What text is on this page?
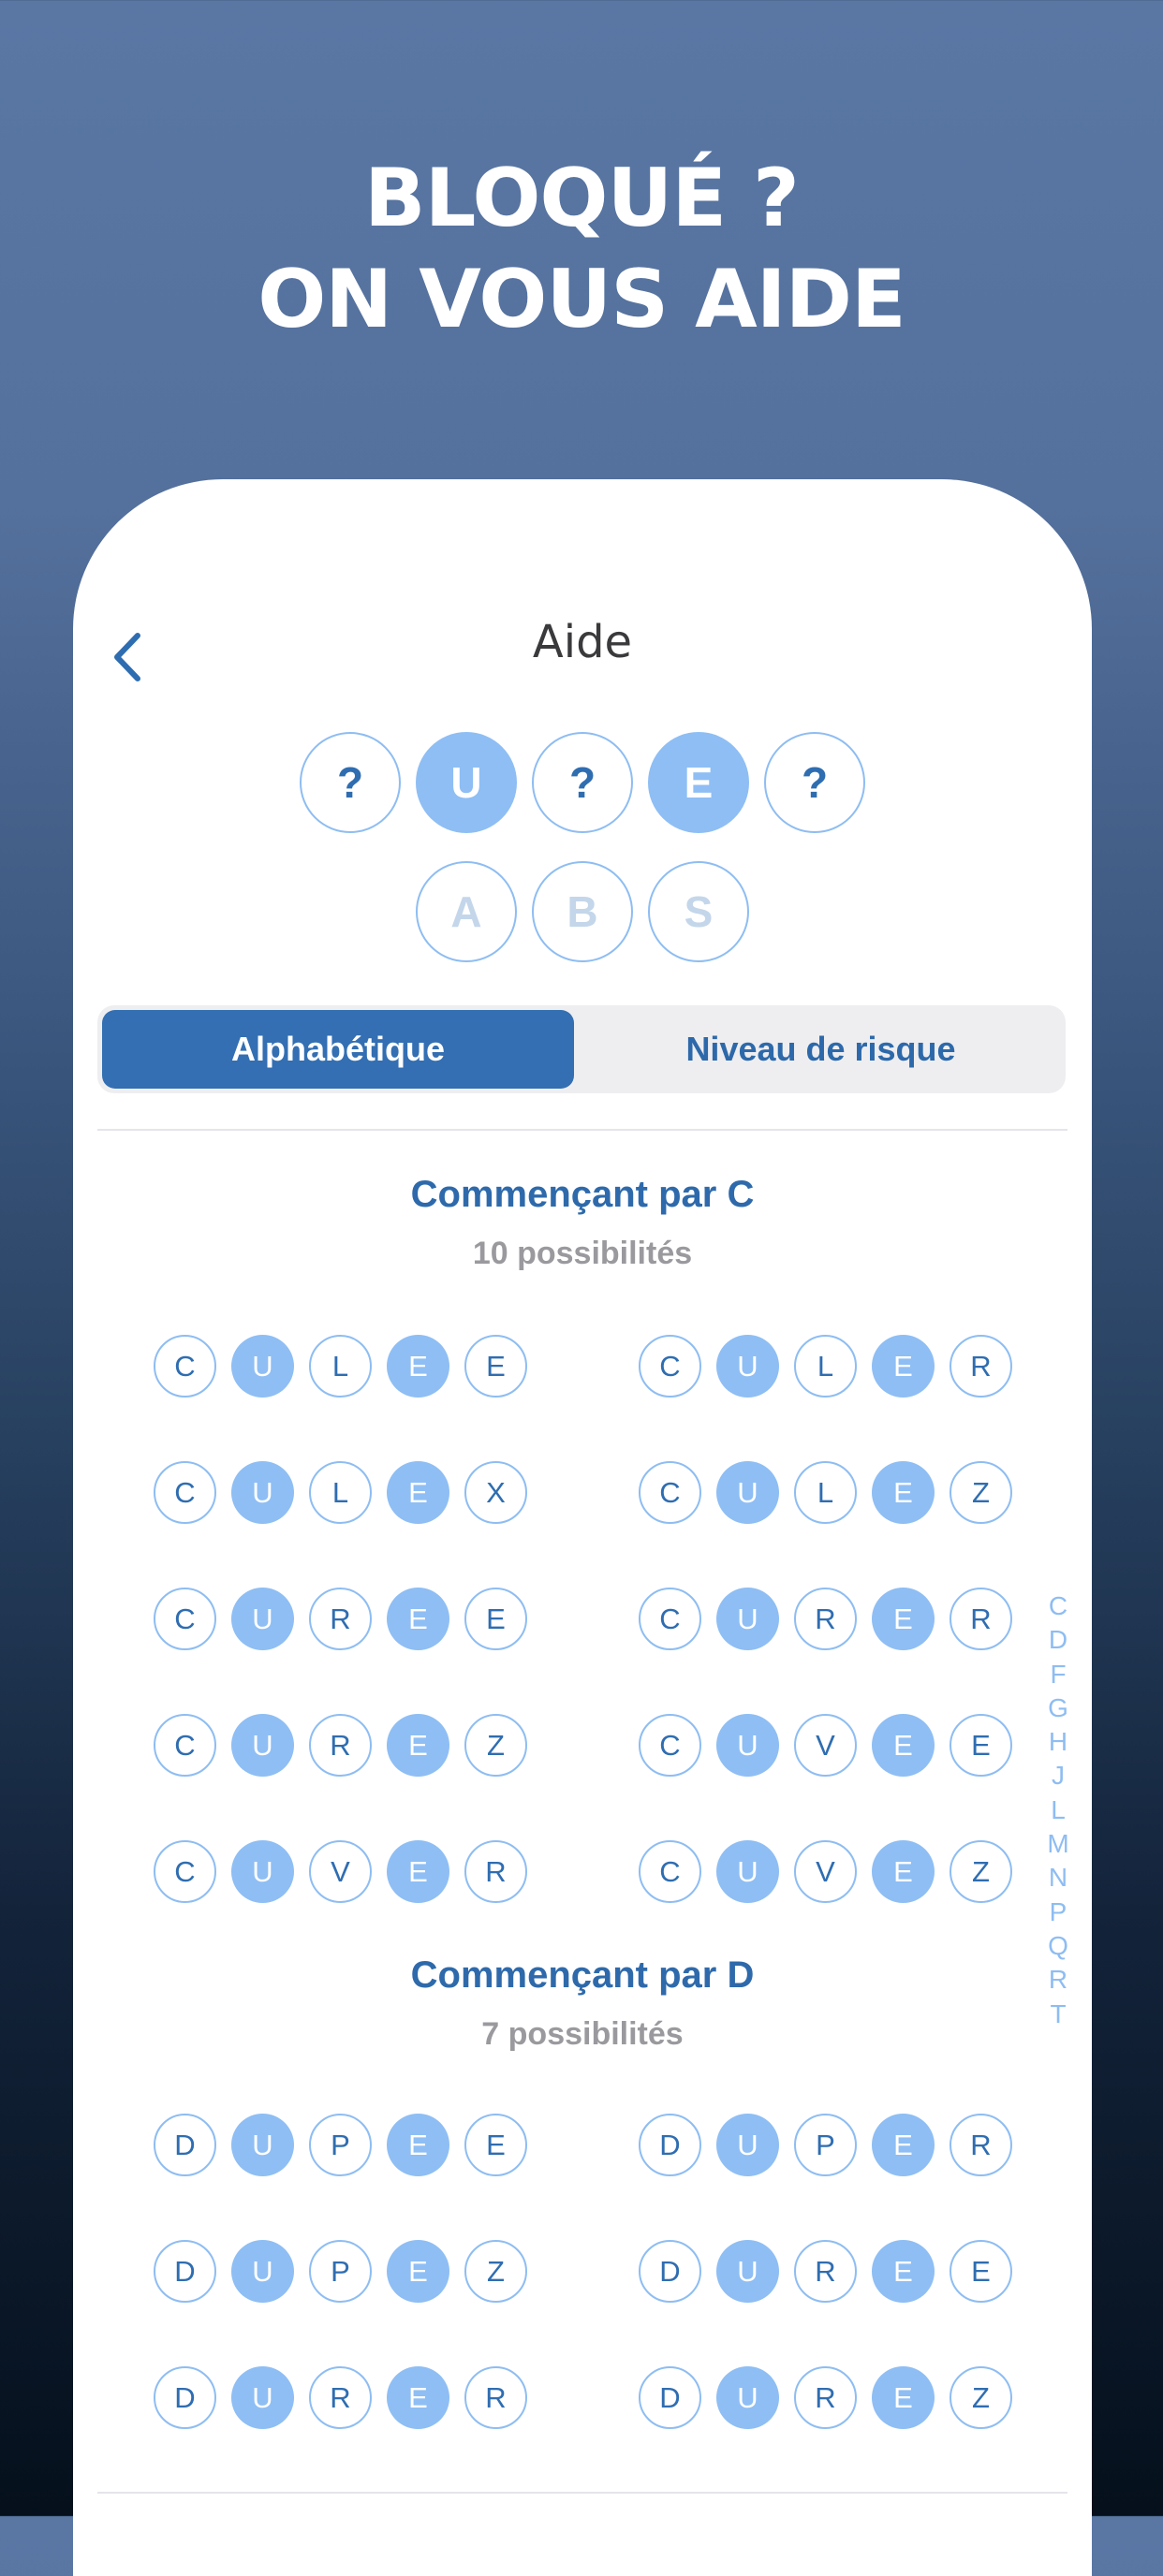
BLOQUÉ ?
ON VOUS AIDE
Aide
?	U	?	E	?
A	B	S
Alphabétique	Niveau de risque
Commençant par C
10 possibilités
C	U	L	E	E	C	U	L	E	R
C	U	L	E	X	C	U	L	E	Z
C	U	R	E	E	C	U	R	E	R
C	U	R	E	Z	C	U	V	E	E
C	U	V	E	R	C	U	V	E	Z
Commençant par D
7 possibilités
D	U	P	E	E	D	U	P	E	R
D	U	P	E	Z	D	U	R	E	E
D	U	R	E	R	D	U	R	E	Z
C
D
F
G
H
J
L
M
N
P
Q
R
T
